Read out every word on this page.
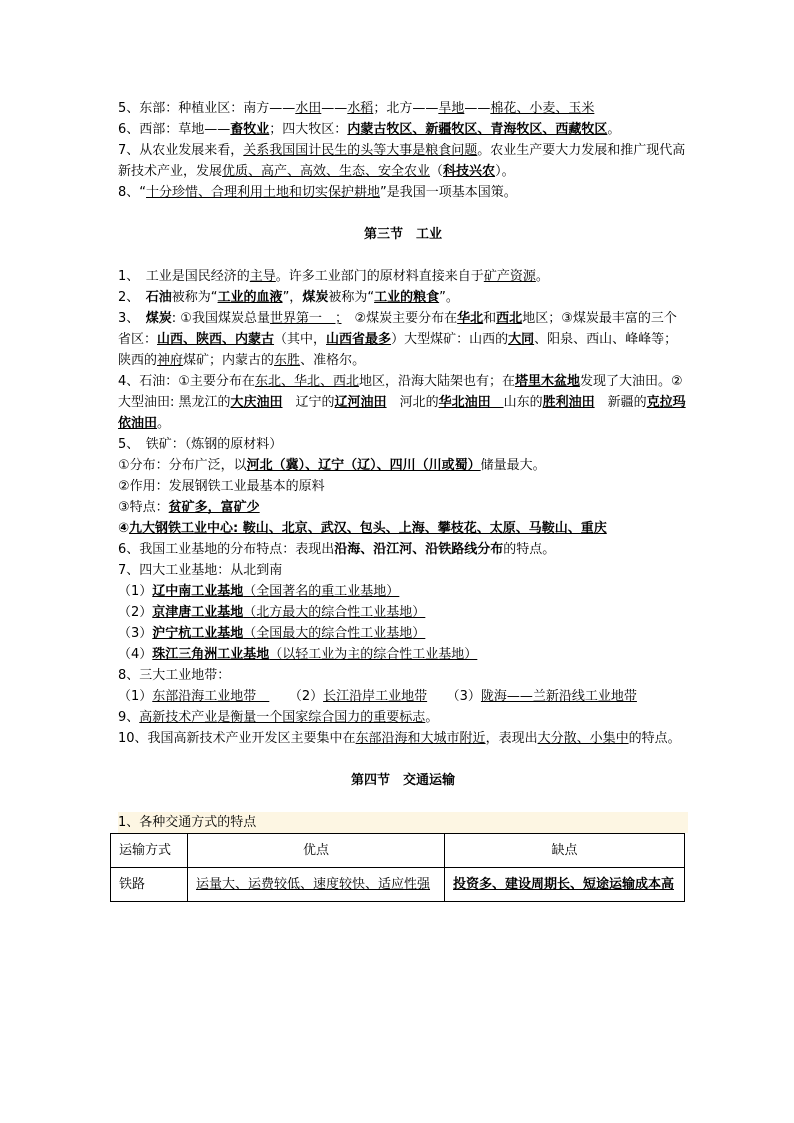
5、东部：种植业区：南方——水田——水稻；北方——旱地——棉花、小麦、玉米

6、西部：草地——畜牧业；四大牧区：内蒙古牧区、新疆牧区、青海牧区、西藏牧区。

7、从农业发展来看，关系我国国计民生的头等大事是粮食问题。农业生产要大力发展和推广现代高新技术产业，发展优质、高产、高效、生态、安全农业（科技兴农）。

8、“十分珍惜、合理利用土地和切实保护耕地”是我国一项基本国策。

第三节　工业

1、　工业是国民经济的主导。许多工业部门的原材料直接来自于矿产资源。

2、　石油被称为“工业的血液”，煤炭被称为“工业的粮食”。

3、　煤炭: ①我国煤炭总量世界第一　；　②煤炭主要分布在华北和西北地区；③煤炭最丰富的三个省区：山西、陕西、内蒙古（其中，山西省最多）大型煤矿：山西的大同、阳泉、西山、峰峰等；陕西的神府煤矿；内蒙古的东胜、准格尔。

4、石油：①主要分布在东北、华北、西北地区，沿海大陆架也有；在塔里木盆地发现了大油田。②大型油田: 黑龙江的大庆油田　辽宁的辽河油田　河北的华北油田　山东的胜利油田　新疆的克拉玛依油田。

5、　铁矿：（炼钢的原材料）

①分布：分布广泛，以河北（冀）、辽宁（辽）、四川（川或蜀）储量最大。

②作用：发展钢铁工业最基本的原料

③特点：贫矿多，富矿少

④九大钢铁工业中心: 鞍山、北京、武汉、包头、上海、攀枝花、太原、马鞍山、重庆

6、我国工业基地的分布特点：表现出沿海、沿江河、沿铁路线分布的特点。

7、四大工业基地：从北到南

（1）辽中南工业基地（全国著名的重工业基地）

（2）京津唐工业基地（北方最大的综合性工业基地）

（3）沪宁杭工业基地（全国最大的综合性工业基地）

（4）珠江三角洲工业基地（以轻工业为主的综合性工业基地）

8、三大工业地带：

（1）东部沿海工业地带　　　（2）长江沿岸工业地带　　 （3）陇海——兰新沿线工业地带

9、高新技术产业是衡量一个国家综合国力的重要标志。

10、我国高新技术产业开发区主要集中在东部沿海和大城市附近，表现出大分散、小集中的特点。

第四节　交通运输

1、各种交通方式的特点

运输方式	优点	缺点
铁路	运量大、运费较低、速度较快、适应性强	投资多、建设周期长、短途运输成本高
